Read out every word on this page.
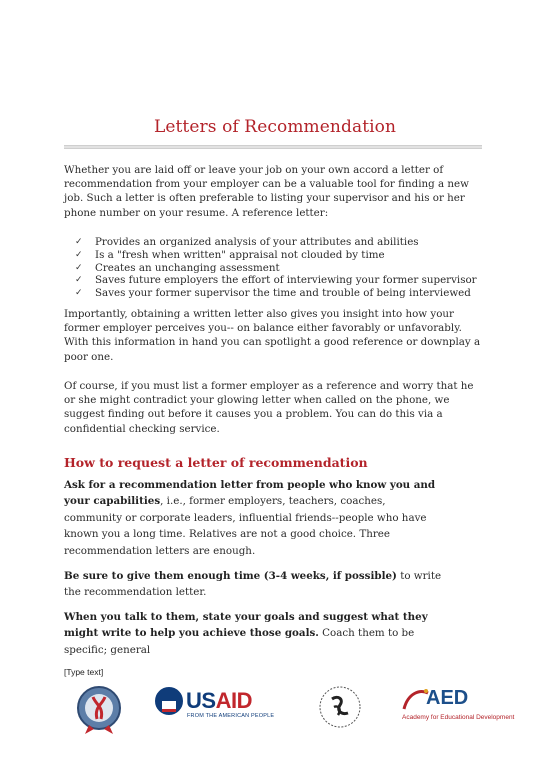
Letters of Recommendation

Whether you are laid off or leave your job on your own accord a letter of recommendation from your employer can be a valuable tool for finding a new job. Such a letter is often preferable to listing your supervisor and his or her phone number on your resume. A reference letter:

✓ Provides an organized analysis of your attributes and abilities
✓ Is a "fresh when written" appraisal not clouded by time
✓ Creates an unchanging assessment
✓ Saves future employers the effort of interviewing your former supervisor
✓ Saves your former supervisor the time and trouble of being interviewed

Importantly, obtaining a written letter also gives you insight into how your former employer perceives you-- on balance either favorably or unfavorably. With this information in hand you can spotlight a good reference or downplay a poor one.

Of course, if you must list a former employer as a reference and worry that he or she might contradict your glowing letter when called on the phone, we suggest finding out before it causes you a problem. You can do this via a confidential checking service.

How to request a letter of recommendation

Ask for a recommendation letter from people who know you and your capabilities, i.e., former employers, teachers, coaches, community or corporate leaders, influential friends--people who have known you a long time. Relatives are not a good choice. Three recommendation letters are enough.

Be sure to give them enough time (3-4 weeks, if possible) to write the recommendation letter.

When you talk to them, state your goals and suggest what they might write to help you achieve those goals. Coach them to be specific; general

[Type text]
USAID
FROM THE AMERICAN PEOPLE
AED
Academy for Educational Development
